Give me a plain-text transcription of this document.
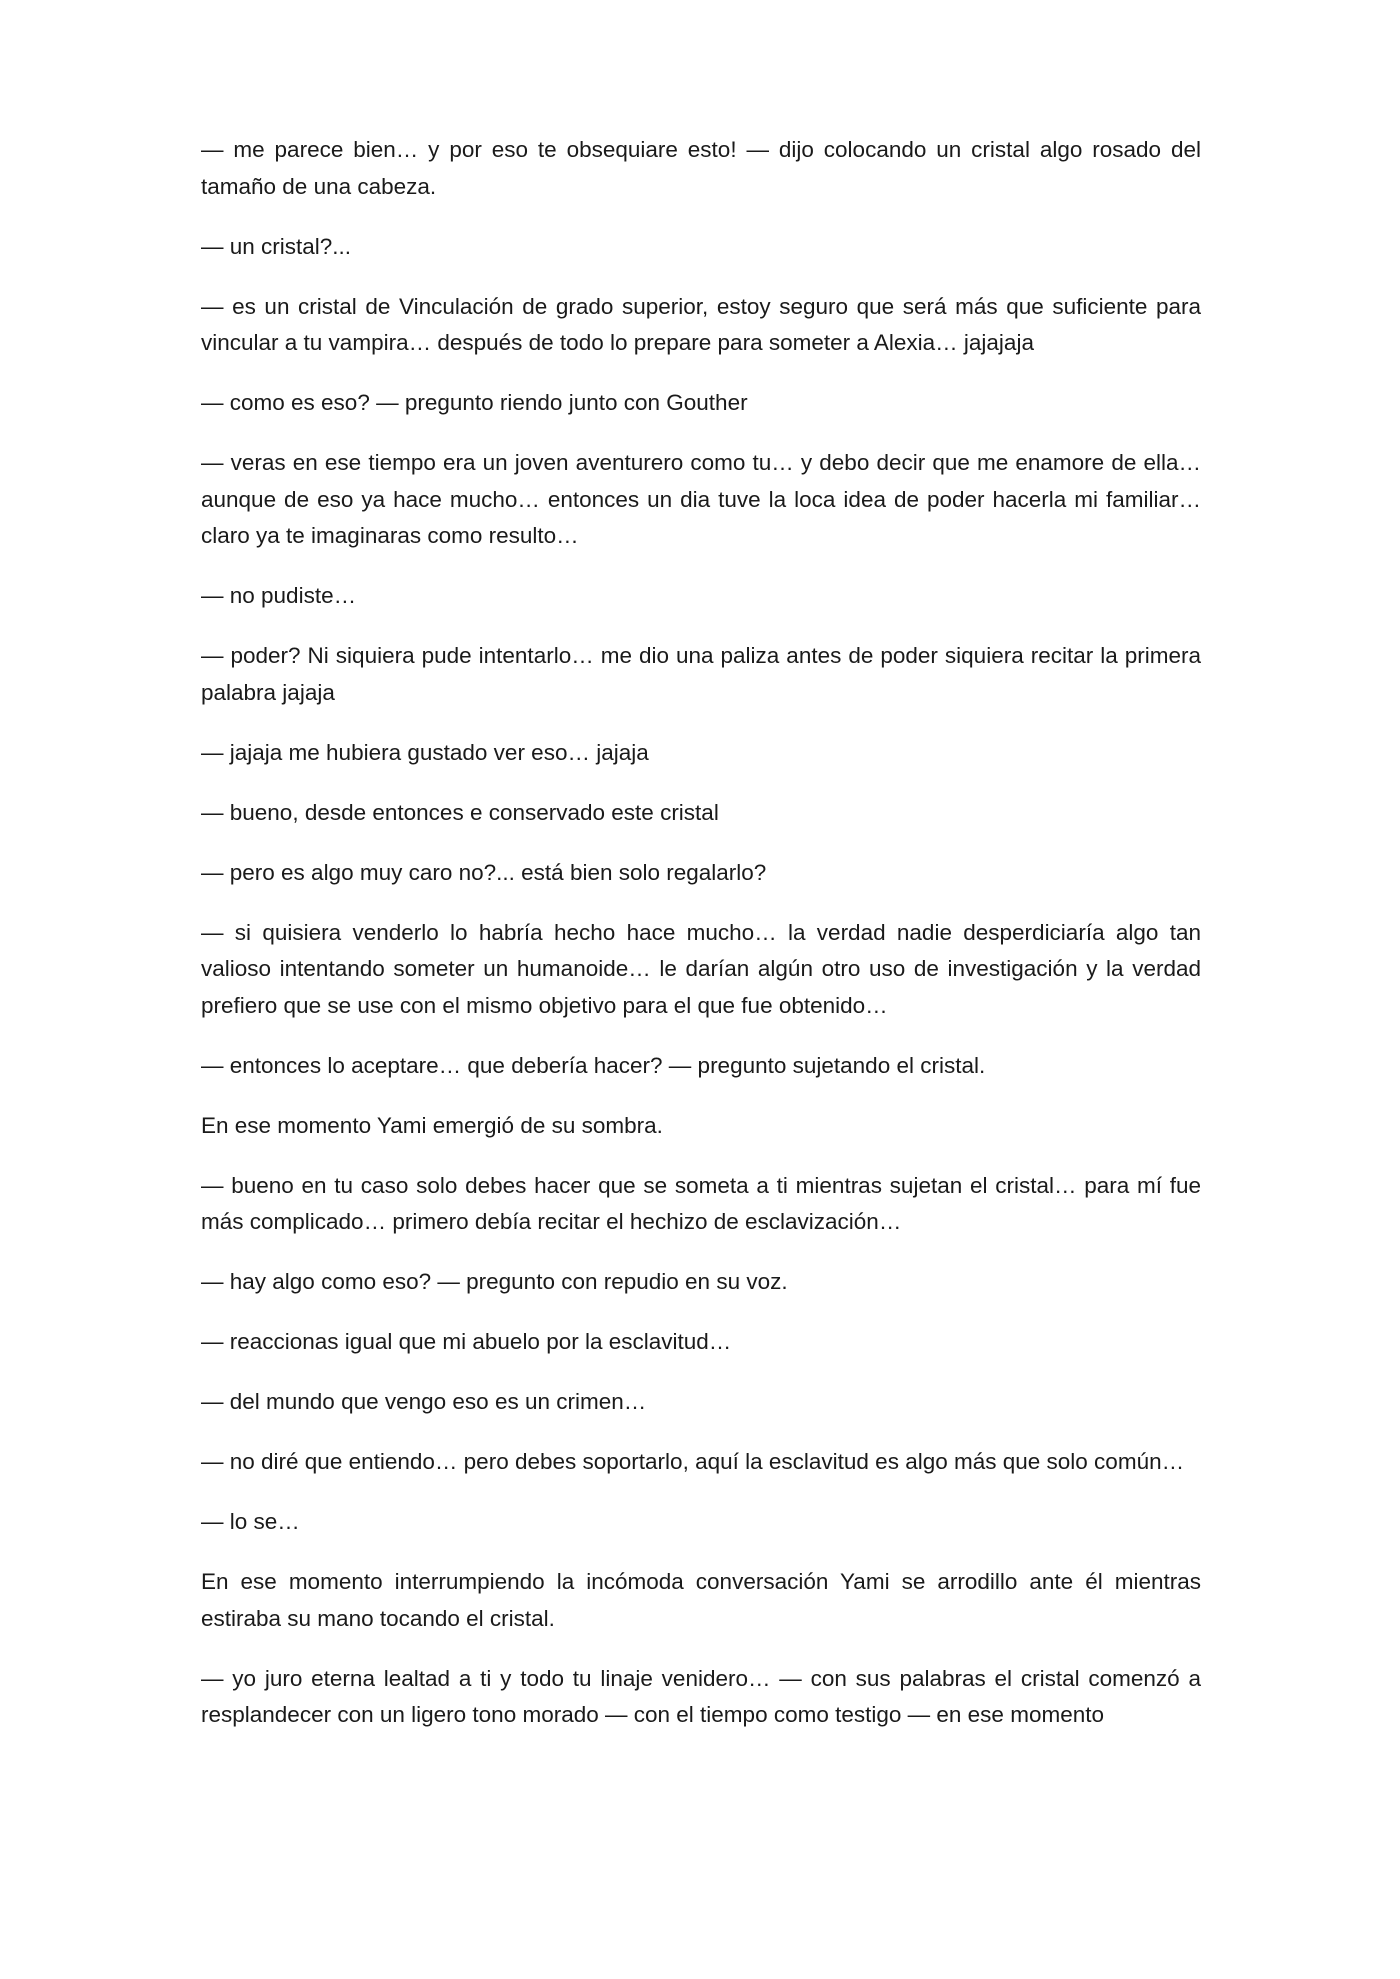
— me parece bien… y por eso te obsequiare esto! — dijo colocando un cristal algo rosado del tamaño de una cabeza.

— un cristal?...

— es un cristal de Vinculación de grado superior, estoy seguro que será más que suficiente para vincular a tu vampira… después de todo lo prepare para someter a Alexia… jajajaja

— como es eso? — pregunto riendo junto con Gouther

— veras en ese tiempo era un joven aventurero como tu… y debo decir que me enamore de ella… aunque de eso ya hace mucho… entonces un dia tuve la loca idea de poder hacerla mi familiar… claro ya te imaginaras como resulto…

— no pudiste…

— poder? Ni siquiera pude intentarlo… me dio una paliza antes de poder siquiera recitar la primera palabra jajaja

— jajaja me hubiera gustado ver eso… jajaja

— bueno, desde entonces e conservado este cristal

— pero es algo muy caro no?... está bien solo regalarlo?

— si quisiera venderlo lo habría hecho hace mucho… la verdad nadie desperdiciaría algo tan valioso intentando someter un humanoide… le darían algún otro uso de investigación y la verdad prefiero que se use con el mismo objetivo para el que fue obtenido…

— entonces lo aceptare… que debería hacer? — pregunto sujetando el cristal.

En ese momento Yami emergió de su sombra.

— bueno en tu caso solo debes hacer que se someta a ti mientras sujetan el cristal… para mí fue más complicado… primero debía recitar el hechizo de esclavización…

— hay algo como eso? — pregunto con repudio en su voz.

— reaccionas igual que mi abuelo por la esclavitud…

— del mundo que vengo eso es un crimen…

— no diré que entiendo… pero debes soportarlo, aquí la esclavitud es algo más que solo común…

— lo se…

En ese momento interrumpiendo la incómoda conversación Yami se arrodillo ante él mientras estiraba su mano tocando el cristal.

— yo juro eterna lealtad a ti y todo tu linaje venidero… — con sus palabras el cristal comenzó a resplandecer con un ligero tono morado — con el tiempo como testigo — en ese momento
